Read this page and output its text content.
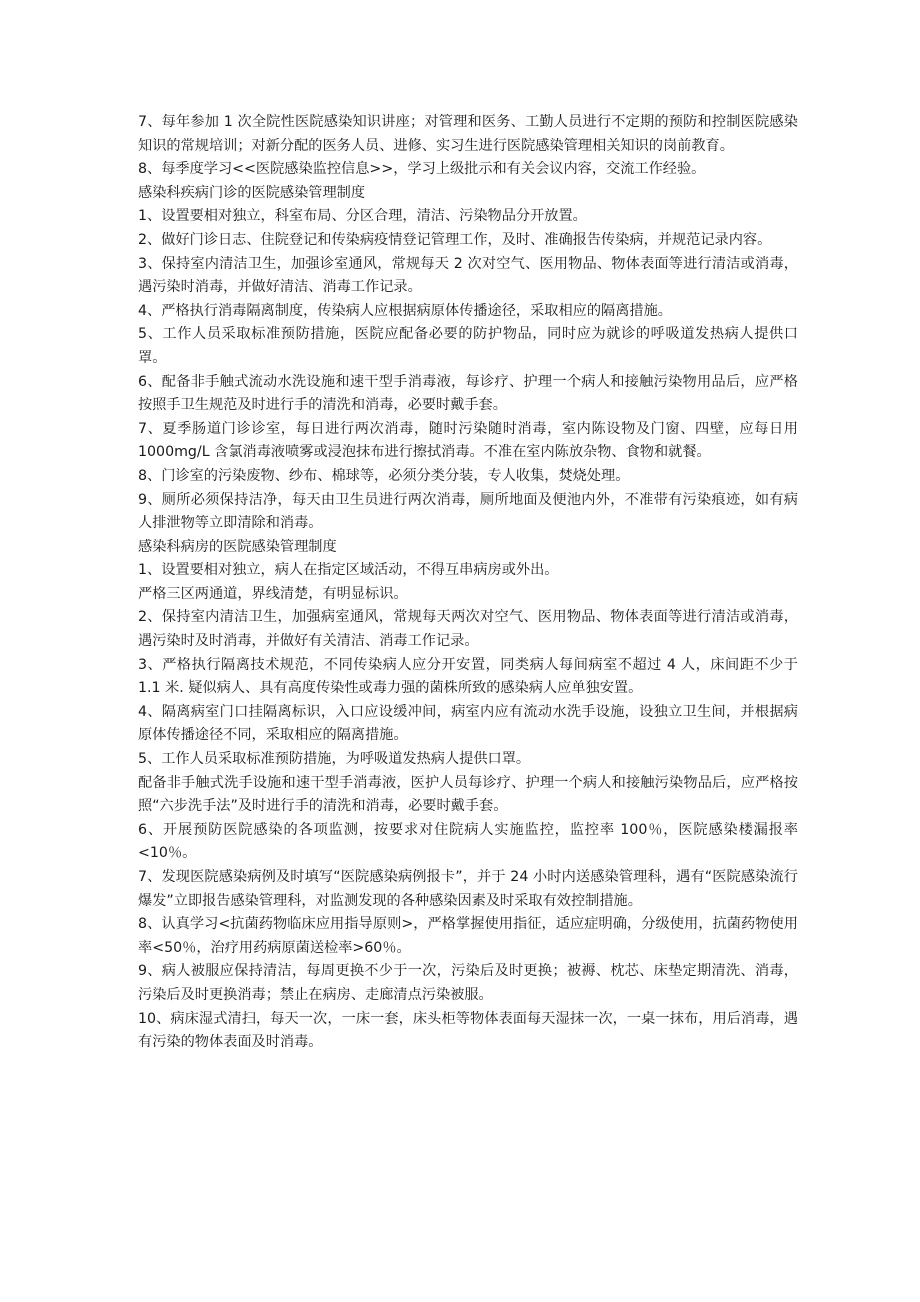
7、每年参加 1 次全院性医院感染知识讲座；对管理和医务、工勤人员进行不定期的预防和控制医院感染知识的常规培训；对新分配的医务人员、进修、实习生进行医院感染管理相关知识的岗前教育。

8、每季度学习<<医院感染监控信息>>，学习上级批示和有关会议内容，交流工作经验。

感染科疾病门诊的医院感染管理制度

1、设置要相对独立，科室布局、分区合理，清洁、污染物品分开放置。

2、做好门诊日志、住院登记和传染病疫情登记管理工作，及时、准确报告传染病，并规范记录内容。

3、保持室内清洁卫生，加强诊室通风，常规每天 2 次对空气、医用物品、物体表面等进行清洁或消毒，遇污染时消毒，并做好清洁、消毒工作记录。

4、严格执行消毒隔离制度，传染病人应根据病原体传播途径，采取相应的隔离措施。

5、工作人员采取标准预防措施，医院应配备必要的防护物品，同时应为就诊的呼吸道发热病人提供口罩。

6、配备非手触式流动水洗设施和速干型手消毒液，每诊疗、护理一个病人和接触污染物用品后，应严格按照手卫生规范及时进行手的清洗和消毒，必要时戴手套。

7、夏季肠道门诊诊室，每日进行两次消毒，随时污染随时消毒，室内陈设物及门窗、四壁，应每日用 1000mg/L 含氯消毒液喷雾或浸泡抹布进行擦拭消毒。不准在室内陈放杂物、食物和就餐。

8、门诊室的污染废物、纱布、棉球等，必须分类分装，专人收集，焚烧处理。

9、厕所必须保持洁净，每天由卫生员进行两次消毒，厕所地面及便池内外，不准带有污染痕迹，如有病人排泄物等立即清除和消毒。

感染科病房的医院感染管理制度

1、设置要相对独立，病人在指定区域活动，不得互串病房或外出。

严格三区两通道，界线清楚，有明显标识。

2、保持室内清洁卫生，加强病室通风，常规每天两次对空气、医用物品、物体表面等进行清洁或消毒，遇污染时及时消毒，并做好有关清洁、消毒工作记录。

3、严格执行隔离技术规范，不同传染病人应分开安置，同类病人每间病室不超过 4 人，床间距不少于 1.1 米. 疑似病人、具有高度传染性或毒力强的菌株所致的感染病人应单独安置。

4、隔离病室门口挂隔离标识，入口应设缓冲间，病室内应有流动水洗手设施，设独立卫生间，并根据病原体传播途径不同，采取相应的隔离措施。

5、工作人员采取标准预防措施，为呼吸道发热病人提供口罩。

配备非手触式洗手设施和速干型手消毒液，医护人员每诊疗、护理一个病人和接触污染物品后，应严格按照“六步洗手法”及时进行手的清洗和消毒，必要时戴手套。

6、开展预防医院感染的各项监测，按要求对住院病人实施监控，监控率 100％，医院感染楼漏报率<10％。

7、发现医院感染病例及时填写“医院感染病例报卡”，并于 24 小时内送感染管理科，遇有“医院感染流行爆发”立即报告感染管理科，对监测发现的各种感染因素及时采取有效控制措施。

8、认真学习<抗菌药物临床应用指导原则>，严格掌握使用指征，适应症明确，分级使用，抗菌药物使用率<50％，治疗用药病原菌送检率>60％。

9、病人被服应保持清洁，每周更换不少于一次，污染后及时更换；被褥、枕芯、床垫定期清洗、消毒，污染后及时更换消毒；禁止在病房、走廊清点污染被服。

10、病床湿式清扫，每天一次，一床一套，床头柜等物体表面每天湿抹一次，一桌一抹布，用后消毒，遇有污染的物体表面及时消毒。
